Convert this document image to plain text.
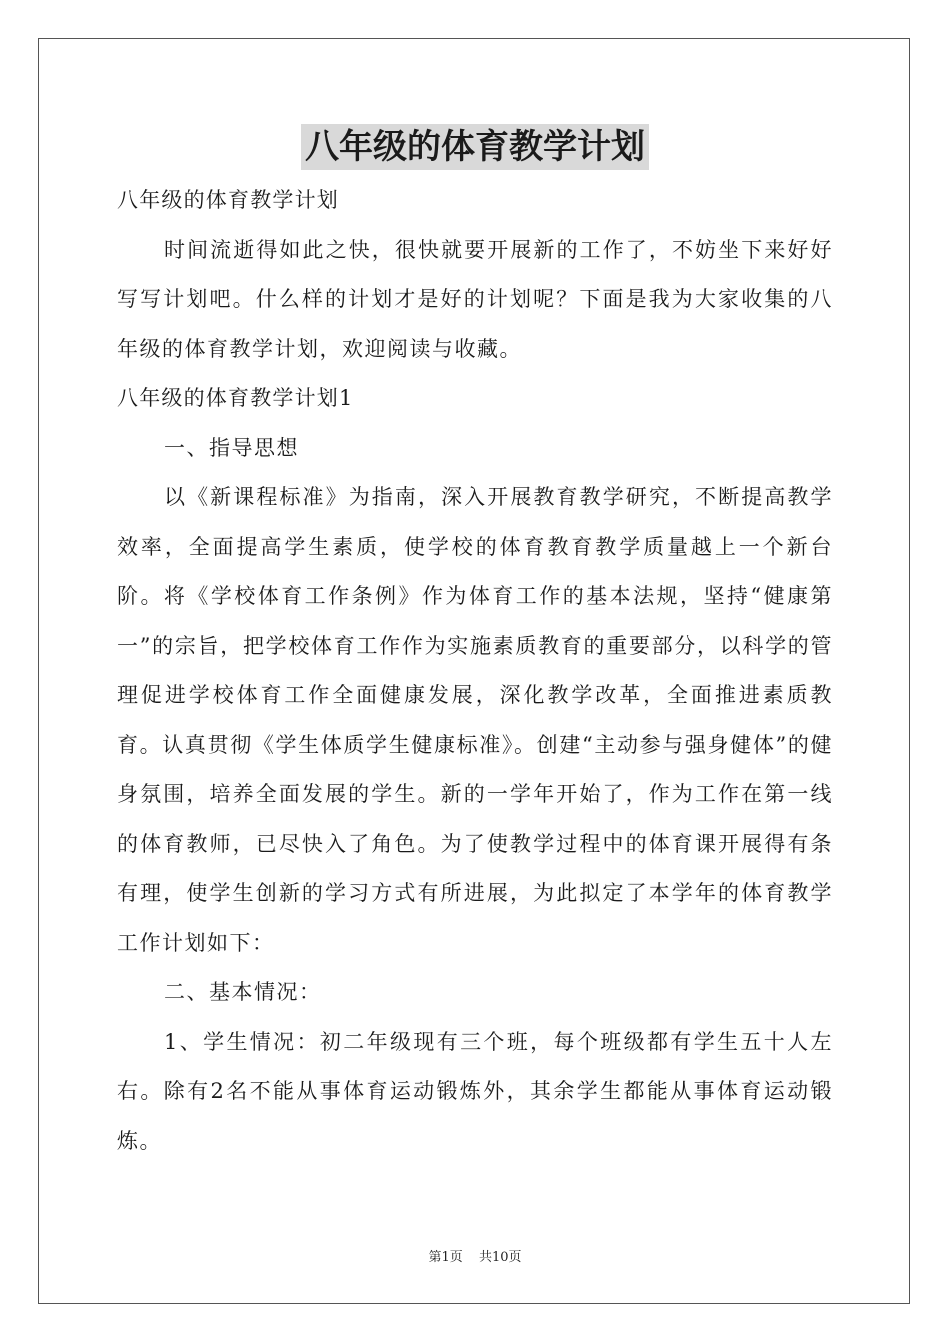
八年级的体育教学计划

八年级的体育教学计划

时间流逝得如此之快，很快就要开展新的工作了，不妨坐下来好好写写计划吧。什么样的计划才是好的计划呢？下面是我为大家收集的八年级的体育教学计划，欢迎阅读与收藏。

八年级的体育教学计划1

一、指导思想

以《新课程标准》为指南，深入开展教育教学研究，不断提高教学效率，全面提高学生素质，使学校的体育教育教学质量越上一个新台阶。将《学校体育工作条例》作为体育工作的基本法规，坚持“健康第一”的宗旨，把学校体育工作作为实施素质教育的重要部分，以科学的管理促进学校体育工作全面健康发展，深化教学改革，全面推进素质教育。认真贯彻《学生体质学生健康标准》。创建“主动参与强身健体”的健身氛围，培养全面发展的学生。新的一学年开始了，作为工作在第一线的体育教师，已尽快入了角色。为了使教学过程中的体育课开展得有条有理，使学生创新的学习方式有所进展，为此拟定了本学年的体育教学工作计划如下：

二、基本情况：

1、学生情况：初二年级现有三个班，每个班级都有学生五十人左右。除有2名不能从事体育运动锻炼外，其余学生都能从事体育运动锻炼。

第1页 共10页
